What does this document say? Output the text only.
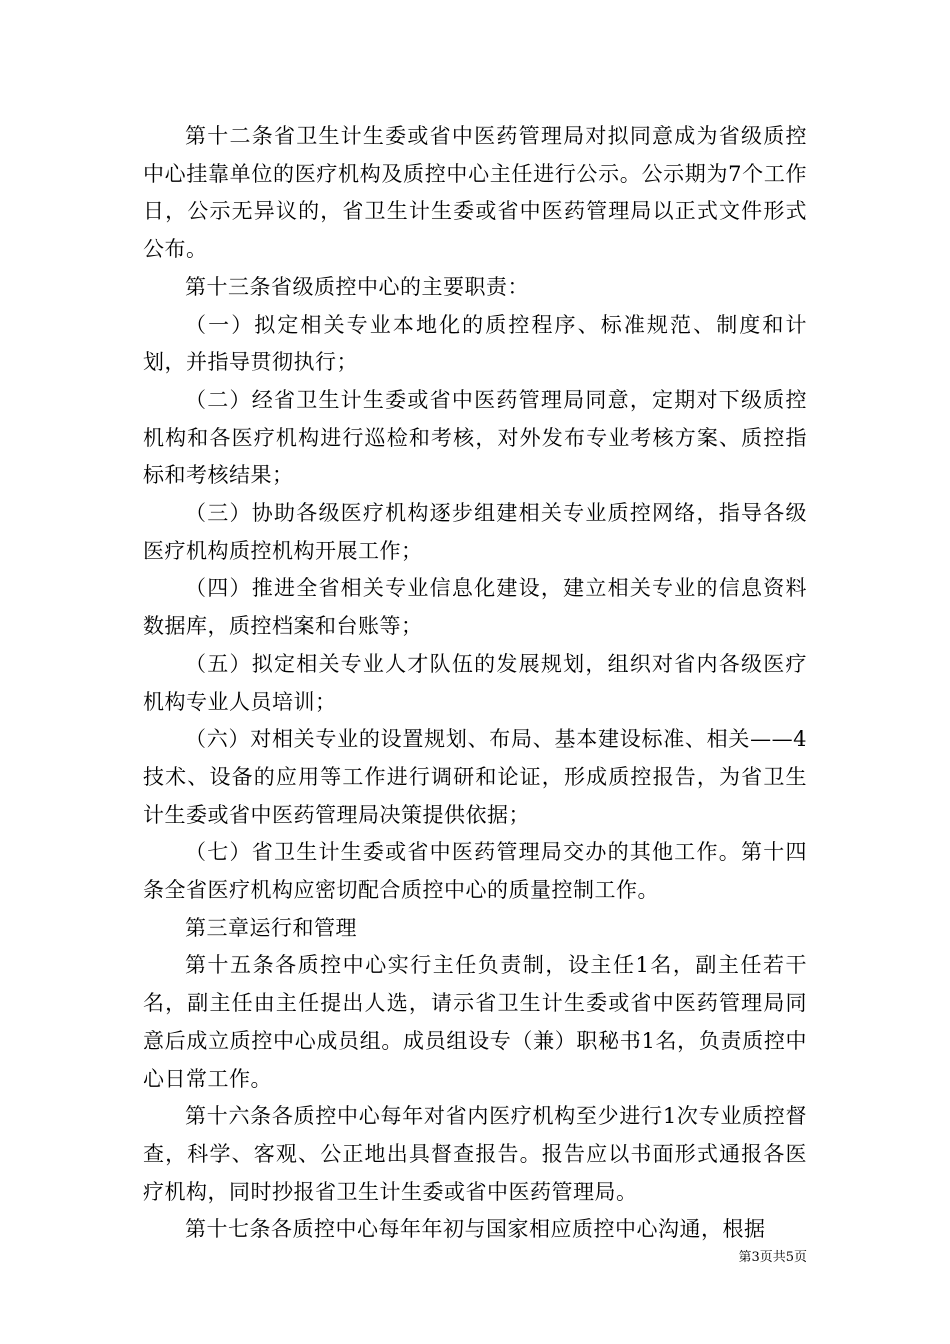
第十二条省卫生计生委或省中医药管理局对拟同意成为省级质控中心挂靠单位的医疗机构及质控中心主任进行公示。公示期为7个工作日，公示无异议的，省卫生计生委或省中医药管理局以正式文件形式公布。

第十三条省级质控中心的主要职责：

（一）拟定相关专业本地化的质控程序、标准规范、制度和计划，并指导贯彻执行；

（二）经省卫生计生委或省中医药管理局同意，定期对下级质控机构和各医疗机构进行巡检和考核，对外发布专业考核方案、质控指标和考核结果；

（三）协助各级医疗机构逐步组建相关专业质控网络，指导各级医疗机构质控机构开展工作；

（四）推进全省相关专业信息化建设，建立相关专业的信息资料数据库，质控档案和台账等；

（五）拟定相关专业人才队伍的发展规划，组织对省内各级医疗机构专业人员培训；

（六）对相关专业的设置规划、布局、基本建设标准、相关——4技术、设备的应用等工作进行调研和论证，形成质控报告，为省卫生计生委或省中医药管理局决策提供依据；

（七）省卫生计生委或省中医药管理局交办的其他工作。第十四条全省医疗机构应密切配合质控中心的质量控制工作。

第三章运行和管理

第十五条各质控中心实行主任负责制，设主任1名，副主任若干名，副主任由主任提出人选，请示省卫生计生委或省中医药管理局同意后成立质控中心成员组。成员组设专（兼）职秘书1名，负责质控中心日常工作。

第十六条各质控中心每年对省内医疗机构至少进行1次专业质控督查，科学、客观、公正地出具督查报告。报告应以书面形式通报各医疗机构，同时抄报省卫生计生委或省中医药管理局。

第十七条各质控中心每年年初与国家相应质控中心沟通，根据

第3页共5页
